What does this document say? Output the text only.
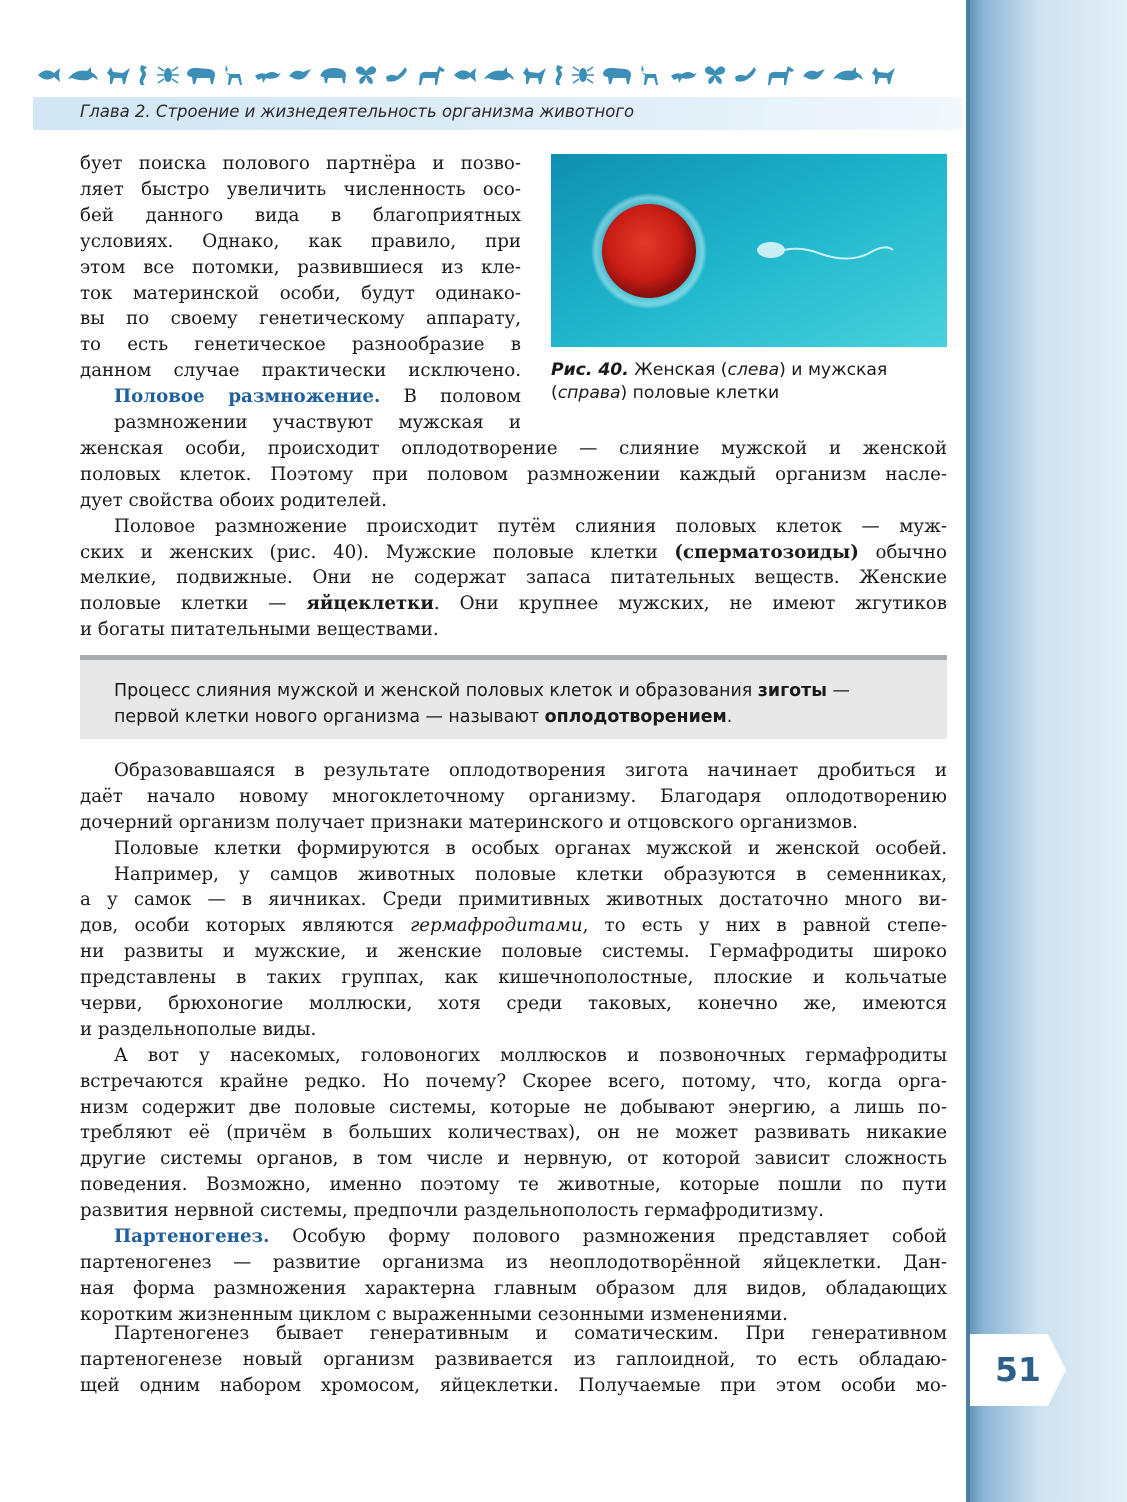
Глава 2. Строение и жизнедеятельность организма животного
бует поиска полового партнёра и позво-
ляет быстро увеличить численность осо-
бей данного вида в благоприятных
условиях. Однако, как правило, при
этом все потомки, развившиеся из кле-
ток материнской особи, будут одинако-
вы по своему генетическому аппарату,
то есть генетическое разнообразие в
данном случае практически исключено.
Половое размножение. В половом
размножении участвуют мужская и
Рис. 40. Женская (слева) и мужская
(справа) половые клетки
женская особи, происходит оплодотворение — слияние мужской и женской
половых клеток. Поэтому при половом размножении каждый организм насле-
дует свойства обоих родителей.
Половое размножение происходит путём слияния половых клеток — муж-
ских и женских (рис. 40). Мужские половые клетки (сперматозоиды) обычно
мелкие, подвижные. Они не содержат запаса питательных веществ. Женские
половые клетки — яйцеклетки. Они крупнее мужских, не имеют жгутиков
и богаты питательными веществами.
Процесс слияния мужской и женской половых клеток и образования зиготы —
первой клетки нового организма — называют оплодотворением.
Образовавшаяся в результате оплодотворения зигота начинает дробиться и
даёт начало новому многоклеточному организму. Благодаря оплодотворению
дочерний организм получает признаки материнского и отцовского организмов.
Половые клетки формируются в особых органах мужской и женской особей.
Например, у самцов животных половые клетки образуются в семенниках,
а у самок — в яичниках. Среди примитивных животных достаточно много ви-
дов, особи которых являются гермафродитами, то есть у них в равной степе-
ни развиты и мужские, и женские половые системы. Гермафродиты широко
представлены в таких группах, как кишечнополостные, плоские и кольчатые
черви, брюхоногие моллюски, хотя среди таковых, конечно же, имеются
и раздельнополые виды.
А вот у насекомых, головоногих моллюсков и позвоночных гермафродиты
встречаются крайне редко. Но почему? Скорее всего, потому, что, когда орга-
низм содержит две половые системы, которые не добывают энергию, а лишь по-
требляют её (причём в больших количествах), он не может развивать никакие
другие системы органов, в том числе и нервную, от которой зависит сложность
поведения. Возможно, именно поэтому те животные, которые пошли по пути
развития нервной системы, предпочли раздельнополость гермафродитизму.
Партеногенез. Особую форму полового размножения представляет собой
партеногенез — развитие организма из неоплодотворённой яйцеклетки. Дан-
ная форма размножения характерна главным образом для видов, обладающих
коротким жизненным циклом с выраженными сезонными изменениями.
Партеногенез бывает генеративным и соматическим. При генеративном
партеногенезе новый организм развивается из гаплоидной, то есть обладаю-
щей одним набором хромосом, яйцеклетки. Получаемые при этом особи мо-	51
